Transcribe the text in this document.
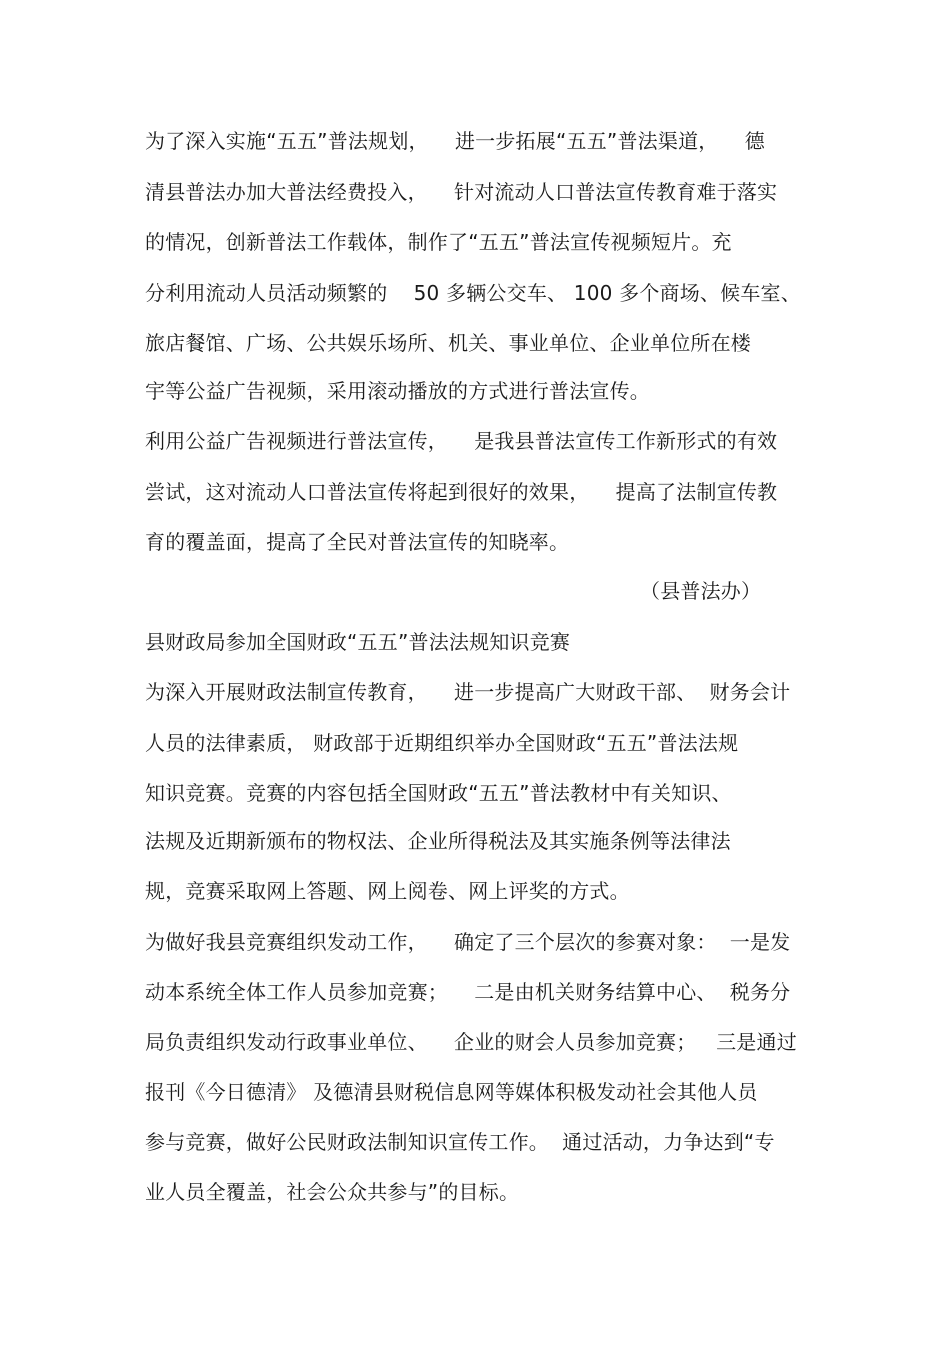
为了深入实施“五五”普法规划，    进一步拓展“五五”普法渠道，    德
清县普法办加大普法经费投入，    针对流动人口普法宣传教育难于落实
的情况，创新普法工作载体，制作了“五五”普法宣传视频短片。充
分利用流动人员活动频繁的    50 多辆公交车、 100 多个商场、候车室、
旅店餐馆、广场、公共娱乐场所、机关、事业单位、企业单位所在楼
宇等公益广告视频，采用滚动播放的方式进行普法宣传。
利用公益广告视频进行普法宣传，    是我县普法宣传工作新形式的有效
尝试，这对流动人口普法宣传将起到很好的效果，    提高了法制宣传教
育的覆盖面，提高了全民对普法宣传的知晓率。
（县普法办）
县财政局参加全国财政“五五”普法法规知识竞赛
为深入开展财政法制宣传教育，    进一步提高广大财政干部、  财务会计
人员的法律素质， 财政部于近期组织举办全国财政“五五”普法法规
知识竞赛。竞赛的内容包括全国财政“五五”普法教材中有关知识、
法规及近期新颁布的物权法、企业所得税法及其实施条例等法律法
规，竞赛采取网上答题、网上阅卷、网上评奖的方式。
为做好我县竞赛组织发动工作，    确定了三个层次的参赛对象：  一是发
动本系统全体工作人员参加竞赛；    二是由机关财务结算中心、  税务分
局负责组织发动行政事业单位、    企业的财会人员参加竞赛；   三是通过
报刊《今日德清》 及德清县财税信息网等媒体积极发动社会其他人员
参与竞赛，做好公民财政法制知识宣传工作。  通过活动，力争达到“专
业人员全覆盖，社会公众共参与”的目标。
